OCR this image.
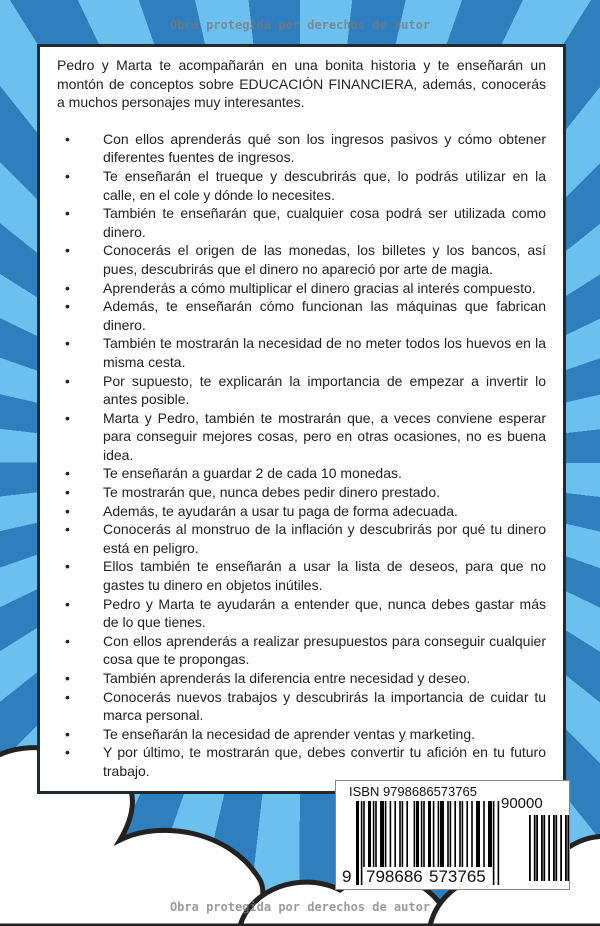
Obra protegida por derechos de autor

Pedro y Marta te acompañarán en una bonita historia y te enseñarán un montón de conceptos sobre EDUCACIÓN FINANCIERA, además, conocerás a muchos personajes muy interesantes.

• Con ellos aprenderás qué son los ingresos pasivos y cómo obtener diferentes fuentes de ingresos.
• Te enseñarán el trueque y descubrirás que, lo podrás utilizar en la calle, en el cole y dónde lo necesites.
• También te enseñarán que, cualquier cosa podrá ser utilizada como dinero.
• Conocerás el origen de las monedas, los billetes y los bancos, así pues, descubrirás que el dinero no apareció por arte de magia.
• Aprenderás a cómo multiplicar el dinero gracias al interés compuesto.
• Además, te enseñarán cómo funcionan las máquinas que fabrican dinero.
• También te mostrarán la necesidad de no meter todos los huevos en la misma cesta.
• Por supuesto, te explicarán la importancia de empezar a invertir lo antes posible.
• Marta y Pedro, también te mostrarán que, a veces conviene esperar para conseguir mejores cosas, pero en otras ocasiones, no es buena idea.
• Te enseñarán a guardar 2 de cada 10 monedas.
• Te mostrarán que, nunca debes pedir dinero prestado.
• Además, te ayudarán a usar tu paga de forma adecuada.
• Conocerás al monstruo de la inflación y descubrirás por qué tu dinero está en peligro.
• Ellos también te enseñarán a usar la lista de deseos, para que no gastes tu dinero en objetos inútiles.
• Pedro y Marta te ayudarán a entender que, nunca debes gastar más de lo que tienes.
• Con ellos aprenderás a realizar presupuestos para conseguir cualquier cosa que te propongas.
• También aprenderás la diferencia entre necesidad y deseo.
• Conocerás nuevos trabajos y descubrirás la importancia de cuidar tu marca personal.
• Te enseñarán la necesidad de aprender ventas y marketing.
• Y por último, te mostrarán que, debes convertir tu afición en tu futuro trabajo.
ISBN 9798686573765
90000
9 798686 573765
Obra protegida por derechos de autor
